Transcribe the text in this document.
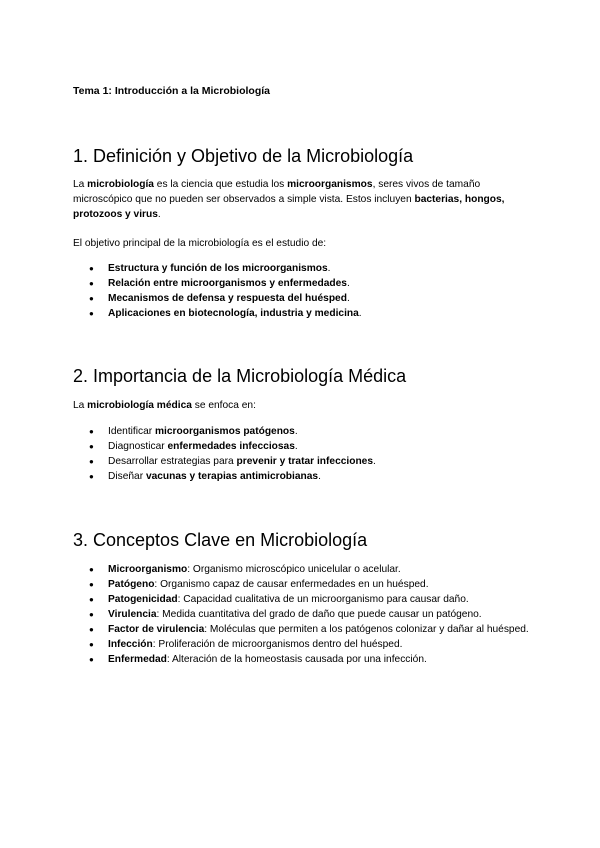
Tema 1: Introducción a la Microbiología
1. Definición y Objetivo de la Microbiología

La microbiología es la ciencia que estudia los microorganismos, seres vivos de tamaño microscópico que no pueden ser observados a simple vista. Estos incluyen bacterias, hongos, protozoos y virus.

El objetivo principal de la microbiología es el estudio de:

● Estructura y función de los microorganismos.
● Relación entre microorganismos y enfermedades.
● Mecanismos de defensa y respuesta del huésped.
● Aplicaciones en biotecnología, industria y medicina.
2. Importancia de la Microbiología Médica

La microbiología médica se enfoca en:

● Identificar microorganismos patógenos.
● Diagnosticar enfermedades infecciosas.
● Desarrollar estrategias para prevenir y tratar infecciones.
● Diseñar vacunas y terapias antimicrobianas.
3. Conceptos Clave en Microbiología
● Microorganismo: Organismo microscópico unicelular o acelular.
● Patógeno: Organismo capaz de causar enfermedades en un huésped.
● Patogenicidad: Capacidad cualitativa de un microorganismo para causar daño.
● Virulencia: Medida cuantitativa del grado de daño que puede causar un patógeno.
● Factor de virulencia: Moléculas que permiten a los patógenos colonizar y dañar al huésped.
● Infección: Proliferación de microorganismos dentro del huésped.
● Enfermedad: Alteración de la homeostasis causada por una infección.
